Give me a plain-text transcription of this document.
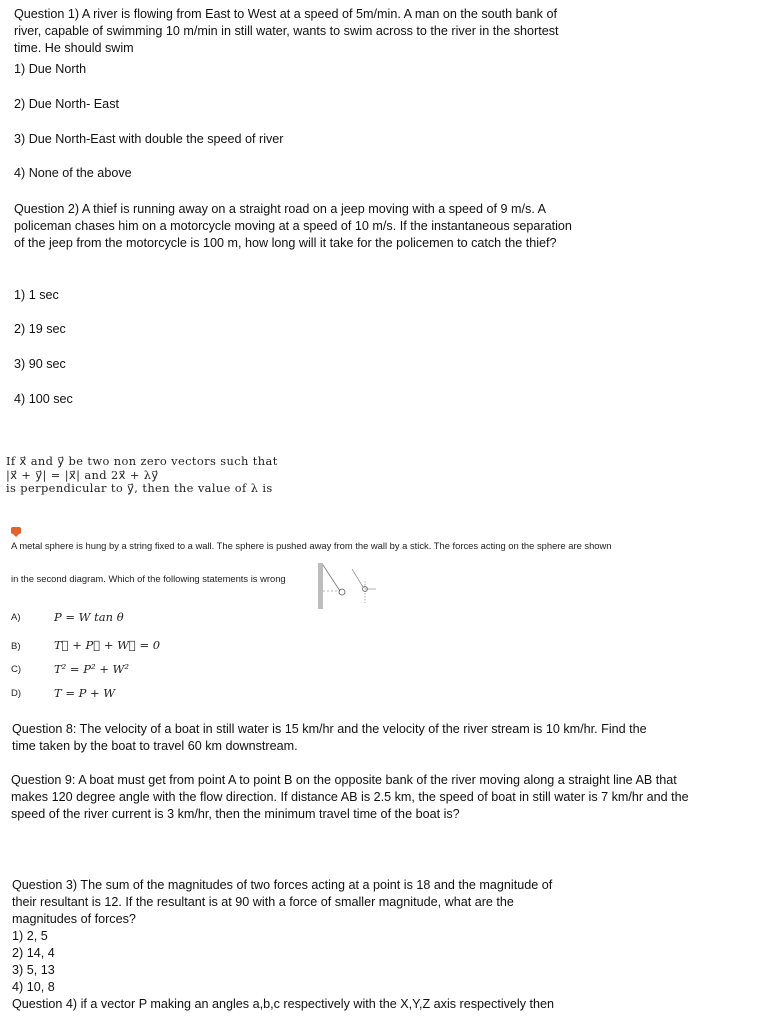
Question 1) A river is flowing from East to West at a speed of 5m/min. A man on the south bank of river, capable of swimming 10 m/min in still water, wants to swim across to the river in the shortest time. He should swim

1) Due North
2) Due North- East
3) Due North-East with double the speed of river
4) None of the above

Question 2) A thief is running away on a straight road on a jeep moving with a speed of 9 m/s. A policeman chases him on a motorcycle moving at a speed of 10 m/s. If the instantaneous separation of the jeep from the motorcycle is 100 m, how long will it take for the policemen to catch the thief?

1) 1 sec
2) 19 sec
3) 90 sec
4) 100 sec

If x⃗ and y⃗ be two non zero vectors such that

|x⃗ + y⃗| = |x⃗| and 2x⃗ + λy⃗

is perpendicular to y⃗, then the value of λ is

A metal sphere is hung by a string fixed to a wall. The sphere is pushed away from the wall by a stick. The forces acting on the sphere are shown
in the second diagram. Which of the following statements is wrong
A)	P = W tan θ
B)	T⃗ + P⃗ + W⃗ = 0
C)	T² = P² + W²
D)	T = P + W

Question 8: The velocity of a boat in still water is 15 km/hr and the velocity of the river stream is 10 km/hr. Find the time taken by the boat to travel 60 km downstream.

Question 9: A boat must get from point A to point B on the opposite bank of the river moving along a straight line AB that makes 120 degree angle with the flow direction. If distance AB is 2.5 km, the speed of boat in still water is 7 km/hr and the speed of the river current is 3 km/hr, then the minimum travel time of the boat is?

Question 3) The sum of the magnitudes of two forces acting at a point is 18 and the magnitude of their resultant is 12. If the resultant is at 90 with a force of smaller magnitude, what are the magnitudes of forces?

1) 2, 5
2) 14, 4
3) 5, 13
4) 10, 8

Question 4) if a vector P making an angles a,b,c respectively with the X,Y,Z axis respectively then
